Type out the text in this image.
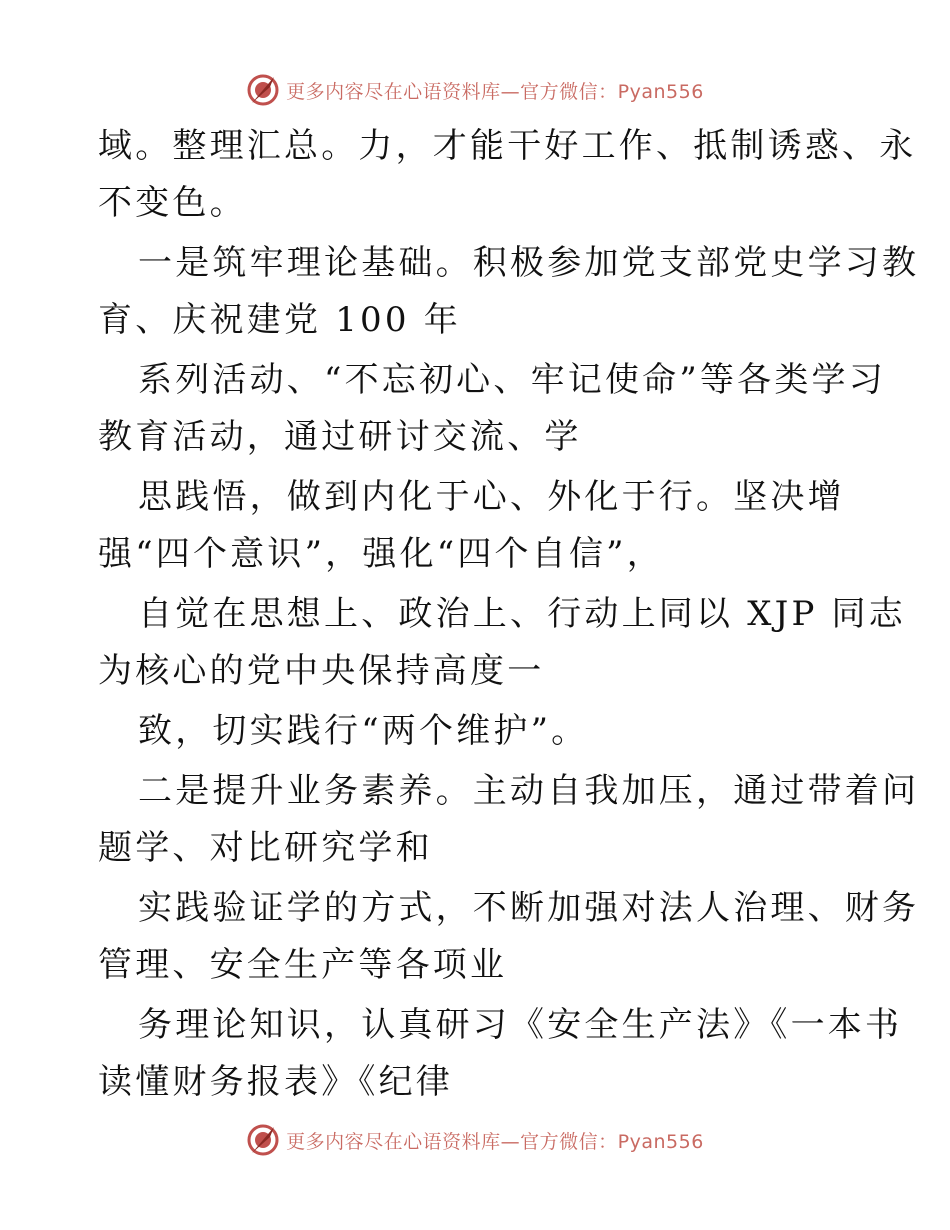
更多内容尽在心语资料库—官方微信：Pyan556
域。整理汇总。力，才能干好工作、抵制诱惑、永
不变色。
一是筑牢理论基础。积极参加党支部党史学习教
育、庆祝建党 100 年
系列活动、“不忘初心、牢记使命”等各类学习
教育活动，通过研讨交流、学
思践悟，做到内化于心、外化于行。坚决增
强“四个意识”，强化“四个自信”，
自觉在思想上、政治上、行动上同以 XJP 同志
为核心的党中央保持高度一
致，切实践行“两个维护”。
二是提升业务素养。主动自我加压，通过带着问
题学、对比研究学和
实践验证学的方式，不断加强对法人治理、财务
管理、安全生产等各项业
务理论知识，认真研习《安全生产法》《一本书
读懂财务报表》《纪律
更多内容尽在心语资料库—官方微信：Pyan556
